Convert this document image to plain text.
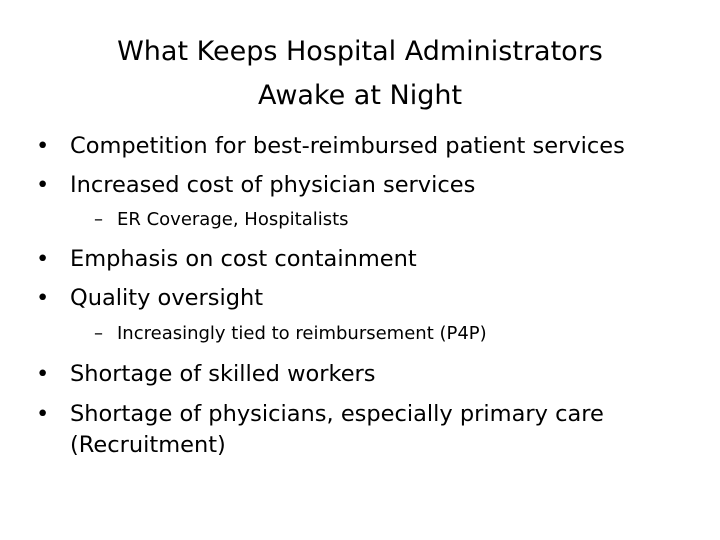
What Keeps Hospital Administrators
Awake at Night
• Competition for best-reimbursed patient services
• Increased cost of physician services
– ER Coverage, Hospitalists
• Emphasis on cost containment
• Quality oversight
– Increasingly tied to reimbursement (P4P)
• Shortage of skilled workers
• Shortage of physicians, especially primary care
(Recruitment)
